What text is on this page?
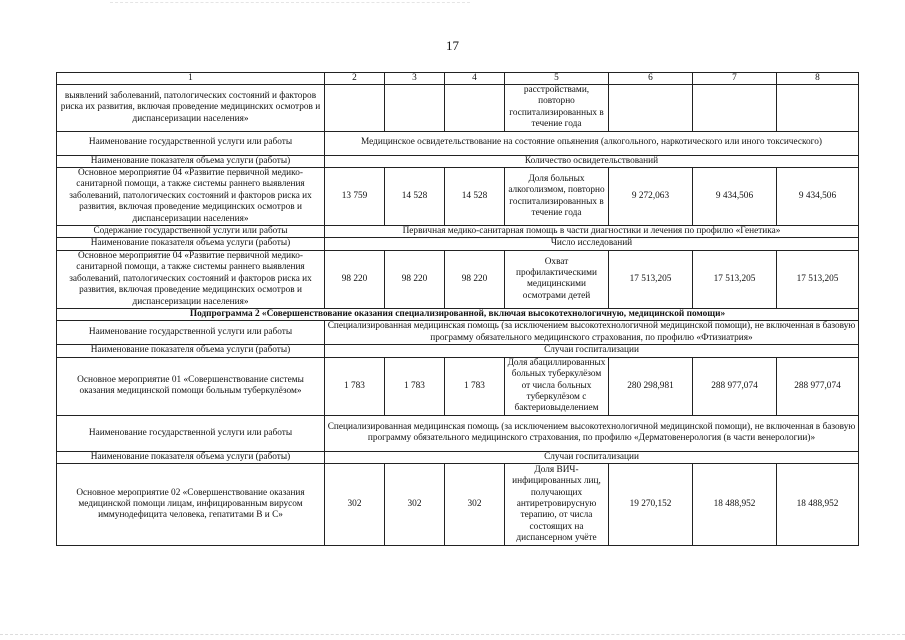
17
1	2	3	4	5	6	7	8
выявлений заболеваний, патологических состояний и факторов риска их развития, включая проведение медицинских осмотров и диспансеризации населения»				расстройствами, повторно госпитализированных в течение года			
Наименование государственной услуги или работы	Медицинское освидетельствование на состояние опьянения (алкогольного, наркотического или иного токсического)						
Наименование показателя объема услуги (работы)	Количество освидетельствований						
Основное мероприятие 04 «Развитие первичной медико-санитарной помощи, а также системы раннего выявления заболеваний, патологических состояний и факторов риска их развития, включая проведение медицинских осмотров и диспансеризации населения»	13 759	14 528	14 528	Доля больных алкоголизмом, повторно госпитализированных в течение года	9 272,063	9 434,506	9 434,506
Содержание государственной услуги или работы	Первичная медико-санитарная помощь в части диагностики и лечения по профилю «Генетика»						
Наименование показателя объема услуги (работы)	Число исследований						
Основное мероприятие 04 «Развитие первичной медико-санитарной помощи, а также системы раннего выявления заболеваний, патологических состояний и факторов риска их развития, включая проведение медицинских осмотров и диспансеризации населения»	98 220	98 220	98 220	Охват профилактическими медицинскими осмотрами детей	17 513,205	17 513,205	17 513,205
Подпрограмма 2 «Совершенствование оказания специализированной, включая высокотехнологичную, медицинской помощи»							
Наименование государственной услуги или работы	Специализированная медицинская помощь (за исключением высокотехнологичной медицинской помощи), не включенная в базовую программу обязательного медицинского страхования, по профилю «Фтизиатрия»						
Наименование показателя объема услуги (работы)	Случаи госпитализации						
Основное мероприятие 01 «Совершенствование системы оказания медицинской помощи больным туберкулёзом»	1 783	1 783	1 783	Доля абациллированных больных туберкулёзом от числа больных туберкулёзом с бактериовыделением	280 298,981	288 977,074	288 977,074
Наименование государственной услуги или работы	Специализированная медицинская помощь (за исключением высокотехнологичной медицинской помощи), не включенная в базовую программу обязательного медицинского страхования, по профилю «Дерматовенерология (в части венерологии)»						
Наименование показателя объема услуги (работы)	Случаи госпитализации						
Основное мероприятие 02 «Совершенствование оказания медицинской помощи лицам, инфицированным вирусом иммунодефицита человека, гепатитами B и C»	302	302	302	Доля ВИЧ-инфицированных лиц, получающих антиретровирусную терапию, от числа состоящих на диспансерном учёте	19 270,152	18 488,952	18 488,952
